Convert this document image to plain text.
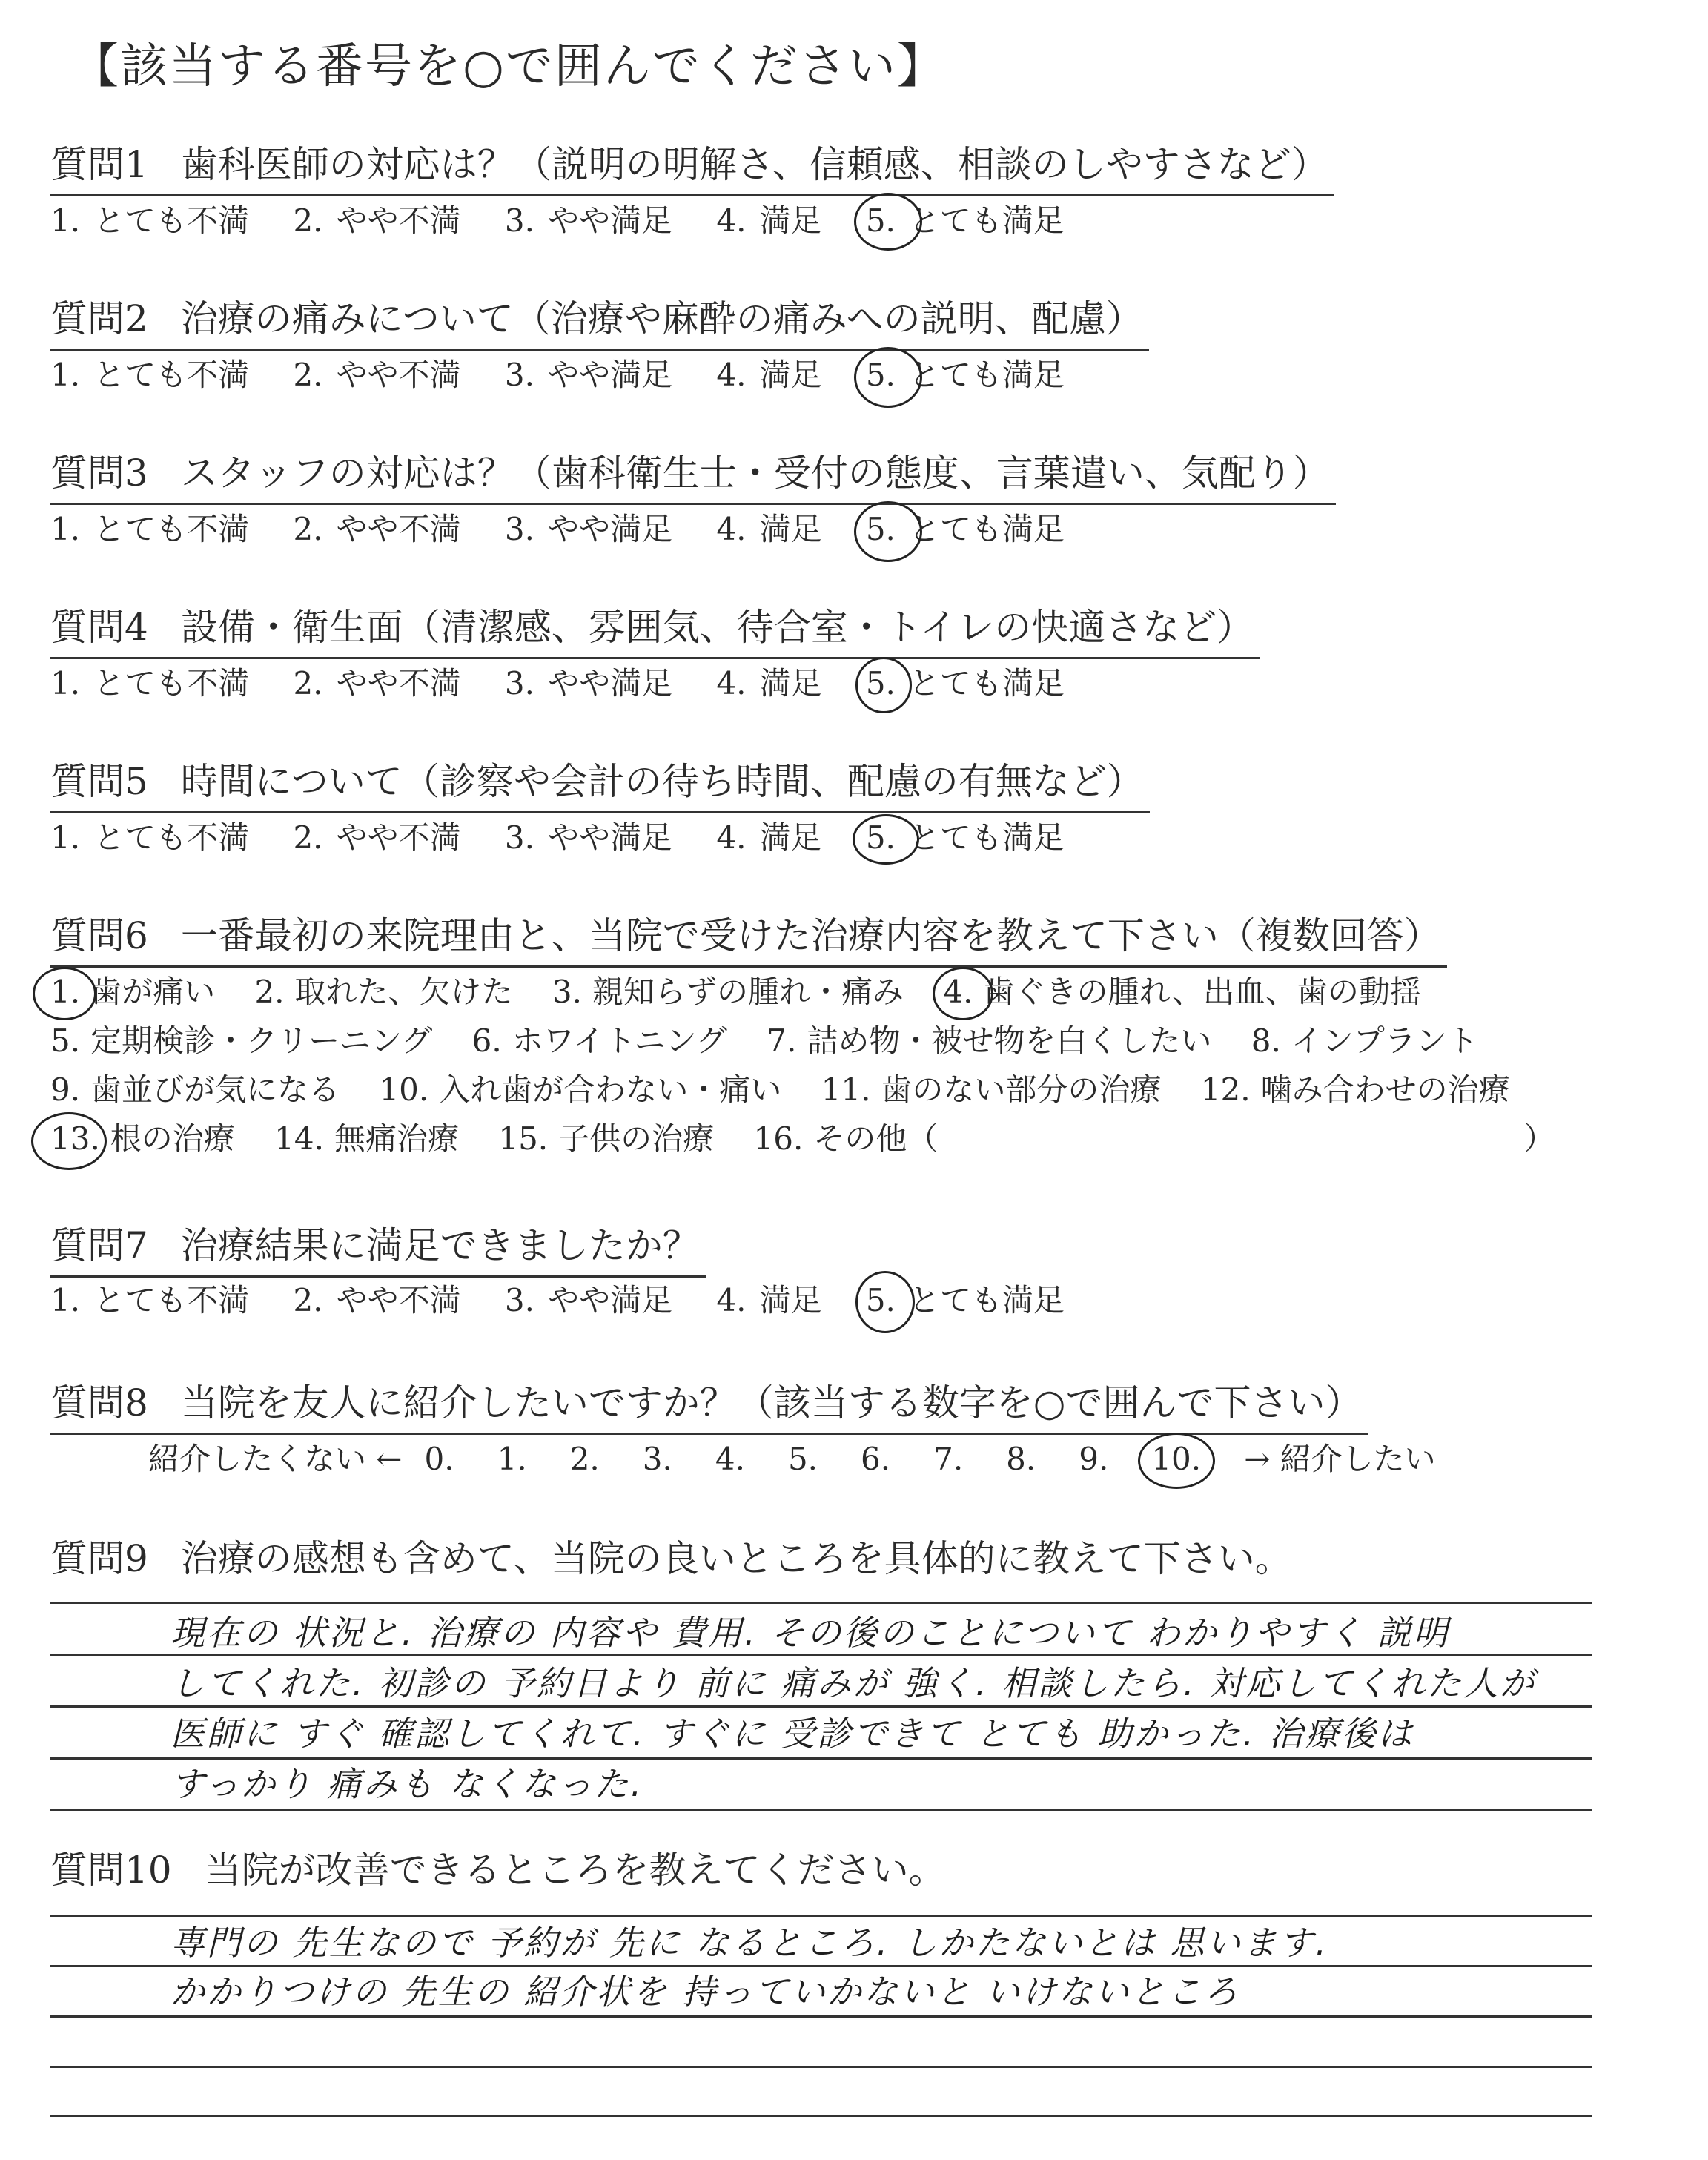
【該当する番号を○で囲んでください】
質問1 歯科医師の対応は？（説明の明解さ、信頼感、相談のしやすさなど）
1. とても不満 2. やや不満 3. やや満足 4. 満足 5. とても満足
質問2 治療の痛みについて（治療や麻酔の痛みへの説明、配慮）
1. とても不満 2. やや不満 3. やや満足 4. 満足 5. とても満足
質問3 スタッフの対応は？（歯科衛生士・受付の態度、言葉遣い、気配り）
1. とても不満 2. やや不満 3. やや満足 4. 満足 5. とても満足
質問4 設備・衛生面（清潔感、雰囲気、待合室・トイレの快適さなど）
1. とても不満 2. やや不満 3. やや満足 4. 満足 5. とても満足
質問5 時間について（診察や会計の待ち時間、配慮の有無など）
1. とても不満 2. やや不満 3. やや満足 4. 満足 5. とても満足
質問6 一番最初の来院理由と、当院で受けた治療内容を教えて下さい（複数回答）
1. 歯が痛い 2. 取れた、欠けた 3. 親知らずの腫れ・痛み 4. 歯ぐきの腫れ、出血、歯の動揺
5. 定期検診・クリーニング 6. ホワイトニング 7. 詰め物・被せ物を白くしたい 8. インプラント
9. 歯並びが気になる 10. 入れ歯が合わない・痛い 11. 歯のない部分の治療 12. 噛み合わせの治療
13. 根の治療 14. 無痛治療 15. 子供の治療 16. その他（	）
質問7 治療結果に満足できましたか？
1. とても不満 2. やや不満 3. やや満足 4. 満足 5. とても満足
質問8 当院を友人に紹介したいですか？（該当する数字を○で囲んで下さい）
紹介したくない ← 0. 1. 2. 3. 4. 5. 6. 7. 8. 9. 10. → 紹介したい
質問9 治療の感想も含めて、当院の良いところを具体的に教えて下さい。
現在の 状況と. 治療の 内容や 費用. その後のことについて わかりやすく 説明
してくれた. 初診の 予約日より 前に 痛みが 強く. 相談したら. 対応してくれた人が
医師に すぐ 確認してくれて. すぐに 受診できて とても 助かった. 治療後は
すっかり 痛みも なくなった.
質問10 当院が改善できるところを教えてください。
専門の 先生なので 予約が 先に なるところ. しかたないとは 思います.
かかりつけの 先生の 紹介状を 持っていかないと いけないところ
